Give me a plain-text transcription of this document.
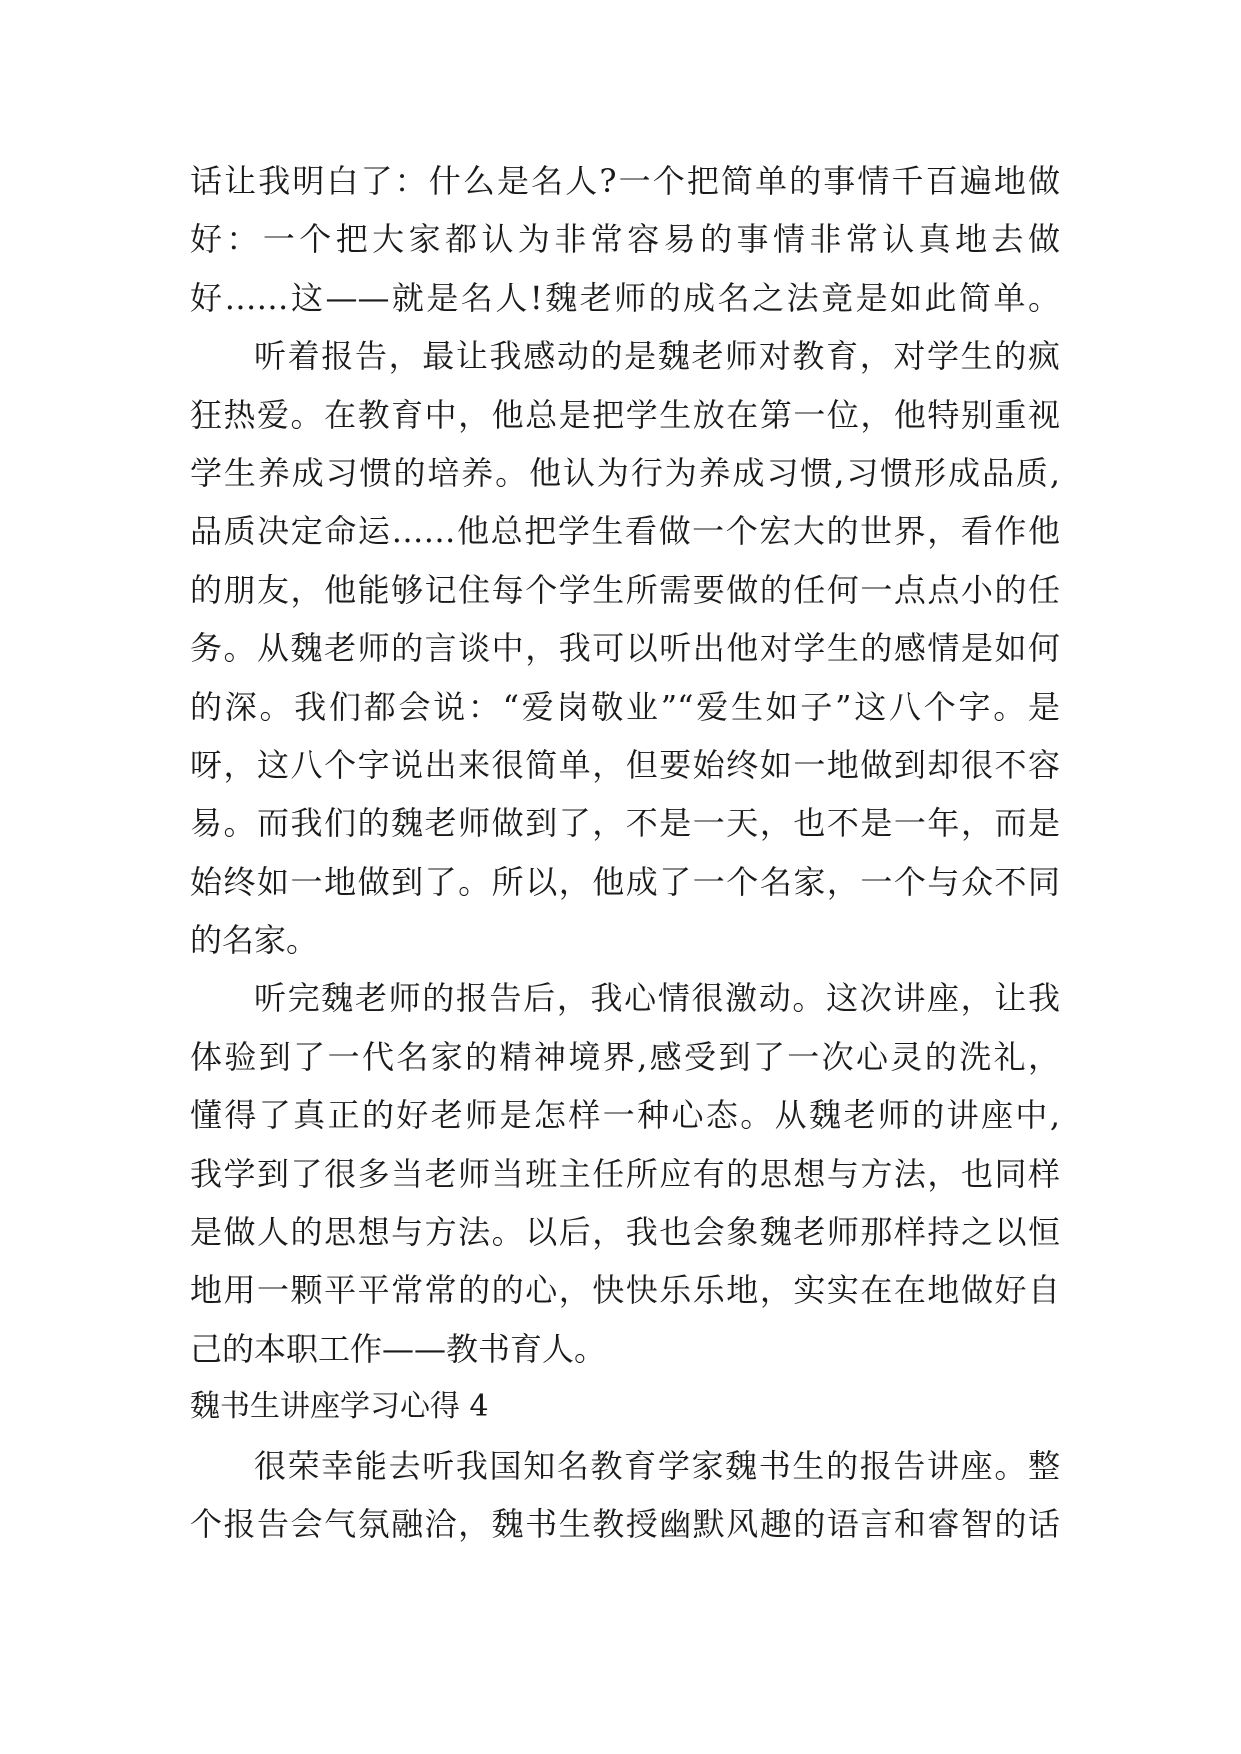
话让我明白了：什么是名人?一个把简单的事情千百遍地做
好：一个把大家都认为非常容易的事情非常认真地去做
好……这——就是名人!魏老师的成名之法竟是如此简单。
听着报告，最让我感动的是魏老师对教育，对学生的疯
狂热爱。在教育中，他总是把学生放在第一位，他特别重视
学生养成习惯的培养。他认为行为养成习惯,习惯形成品质,
品质决定命运……他总把学生看做一个宏大的世界，看作他
的朋友，他能够记住每个学生所需要做的任何一点点小的任
务。从魏老师的言谈中，我可以听出他对学生的感情是如何
的深。我们都会说：“爱岗敬业”“爱生如子”这八个字。是
呀，这八个字说出来很简单，但要始终如一地做到却很不容
易。而我们的魏老师做到了，不是一天，也不是一年，而是
始终如一地做到了。所以，他成了一个名家，一个与众不同
的名家。
听完魏老师的报告后，我心情很激动。这次讲座，让我
体验到了一代名家的精神境界,感受到了一次心灵的洗礼，
懂得了真正的好老师是怎样一种心态。从魏老师的讲座中,
我学到了很多当老师当班主任所应有的思想与方法，也同样
是做人的思想与方法。以后，我也会象魏老师那样持之以恒
地用一颗平平常常的的心，快快乐乐地，实实在在地做好自
己的本职工作——教书育人。
魏书生讲座学习心得 4
很荣幸能去听我国知名教育学家魏书生的报告讲座。整
个报告会气氛融洽，魏书生教授幽默风趣的语言和睿智的话
